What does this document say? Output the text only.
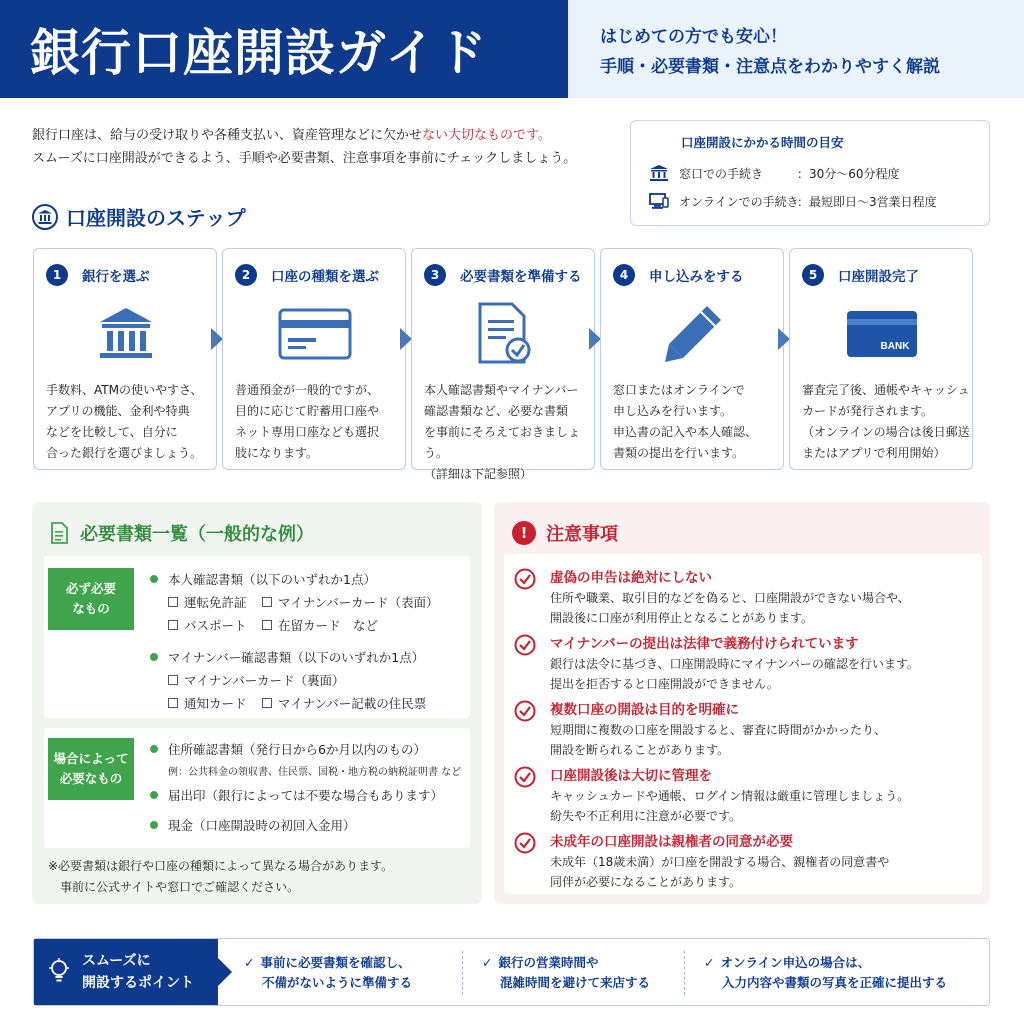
銀行口座開設ガイド	はじめての方でも安心！
手順・必要書類・注意点をわかりやすく解説
銀行口座は、給与の受け取りや各種支払い、資産管理などに欠かせない大切なものです。
スムーズに口座開設ができるよう、手順や必要書類、注意事項を事前にチェックしましょう。
口座開設にかかる時間の目安
窓口での手続き	：30分〜60分程度
オンラインでの手続き
：最短即日〜3営業日程度
口座開設のステップ
1	銀行を選ぶ
手数料、ATMの使いやすさ、
アプリの機能、金利や特典
などを比較して、自分に
合った銀行を選びましょう。
2	口座の種類を選ぶ
普通預金が一般的ですが、
目的に応じて貯蓄用口座や
ネット専用口座なども選択
肢になります。
3	必要書類を準備する
本人確認書類やマイナンバー
確認書類など、必要な書類
を事前にそろえておきましょう。
（詳細は下記参照）
4	申し込みをする
窓口またはオンラインで
申し込みを行います。
申込書の記入や本人確認、
書類の提出を行います。
5	口座開設完了
BANK
審査完了後、通帳やキャッシュ
カードが発行されます。
（オンラインの場合は後日郵送
またはアプリで利用開始）
必要書類一覧（一般的な例）
必ず必要
なもの
本人確認書類（以下のいずれか1点）
運転免許証	マイナンバーカード（表面）
パスポート	在留カード　など
マイナンバー確認書類（以下のいずれか1点）
マイナンバーカード（裏面）
通知カード	マイナンバー記載の住民票
場合によって
必要なもの
住所確認書類（発行日から6か月以内のもの）
例：公共料金の領収書、住民票、国税・地方税の納税証明書 など
届出印（銀行によっては不要な場合もあります）
現金（口座開設時の初回入金用）
※必要書類は銀行や口座の種類によって異なる場合があります。
　事前に公式サイトや窓口でご確認ください。
!	注意事項
虚偽の申告は絶対にしない
住所や職業、取引目的などを偽ると、口座開設ができない場合や、
開設後に口座が利用停止となることがあります。
マイナンバーの提出は法律で義務付けられています
銀行は法令に基づき、口座開設時にマイナンバーの確認を行います。
提出を拒否すると口座開設ができません。
複数口座の開設は目的を明確に
短期間に複数の口座を開設すると、審査に時間がかかったり、
開設を断られることがあります。
口座開設後は大切に管理を
キャッシュカードや通帳、ログイン情報は厳重に管理しましょう。
紛失や不正利用に注意が必要です。
未成年の口座開設は親権者の同意が必要
未成年（18歳未満）が口座を開設する場合、親権者の同意書や
同伴が必要になることがあります。
スムーズに
開設するポイント
✓ 事前に必要書類を確認し、
不備がないように準備する
✓ 銀行の営業時間や
混雑時間を避けて来店する
✓ オンライン申込の場合は、
入力内容や書類の写真を正確に提出する
